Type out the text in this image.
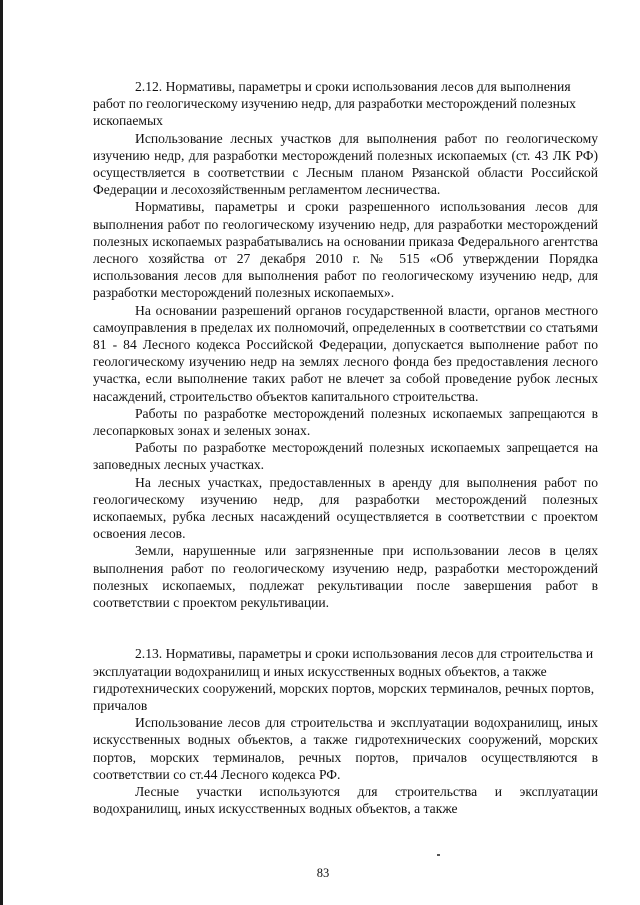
2.12. Нормативы, параметры и сроки использования лесов для выполнения работ по геологическому изучению недр, для разработки месторождений полезных ископаемых

Использование лесных участков для выполнения работ по геологическому изучению недр, для разработки месторождений полезных ископаемых (ст. 43 ЛК РФ) осуществляется в соответствии с Лесным планом Рязанской области Российской Федерации и лесохозяйственным регламентом лесничества.

Нормативы, параметры и сроки разрешенного использования лесов для выполнения работ по геологическому изучению недр, для разработки месторождений полезных ископаемых разрабатывались на основании приказа Федерального агентства лесного хозяйства от 27 декабря 2010 г. № 515 «Об утверждении Порядка использования лесов для выполнения работ по геологическому изучению недр, для разработки месторождений полезных ископаемых».

На основании разрешений органов государственной власти, органов местного самоуправления в пределах их полномочий, определенных в соответствии со статьями 81 - 84 Лесного кодекса Российской Федерации, допускается выполнение работ по геологическому изучению недр на землях лесного фонда без предоставления лесного участка, если выполнение таких работ не влечет за собой проведение рубок лесных насаждений, строительство объектов капитального строительства.

Работы по разработке месторождений полезных ископаемых запрещаются в лесопарковых зонах и зеленых зонах.

Работы по разработке месторождений полезных ископаемых запрещается на заповедных лесных участках.

На лесных участках, предоставленных в аренду для выполнения работ по геологическому изучению недр, для разработки месторождений полезных ископаемых, рубка лесных насаждений осуществляется в соответствии с проектом освоения лесов.

Земли, нарушенные или загрязненные при использовании лесов в целях выполнения работ по геологическому изучению недр, разработки месторождений полезных ископаемых, подлежат рекультивации после завершения работ в соответствии с проектом рекультивации.

2.13. Нормативы, параметры и сроки использования лесов для строительства и эксплуатации водохранилищ и иных искусственных водных объектов, а также гидротехнических сооружений, морских портов, морских терминалов, речных портов, причалов

Использование лесов для строительства и эксплуатации водохранилищ, иных искусственных водных объектов, а также гидротехнических сооружений, морских портов, морских терминалов, речных портов, причалов осуществляются в соответствии со ст.44 Лесного кодекса РФ.

Лесные участки используются для строительства и эксплуатации водохранилищ, иных искусственных водных объектов, а также

83
